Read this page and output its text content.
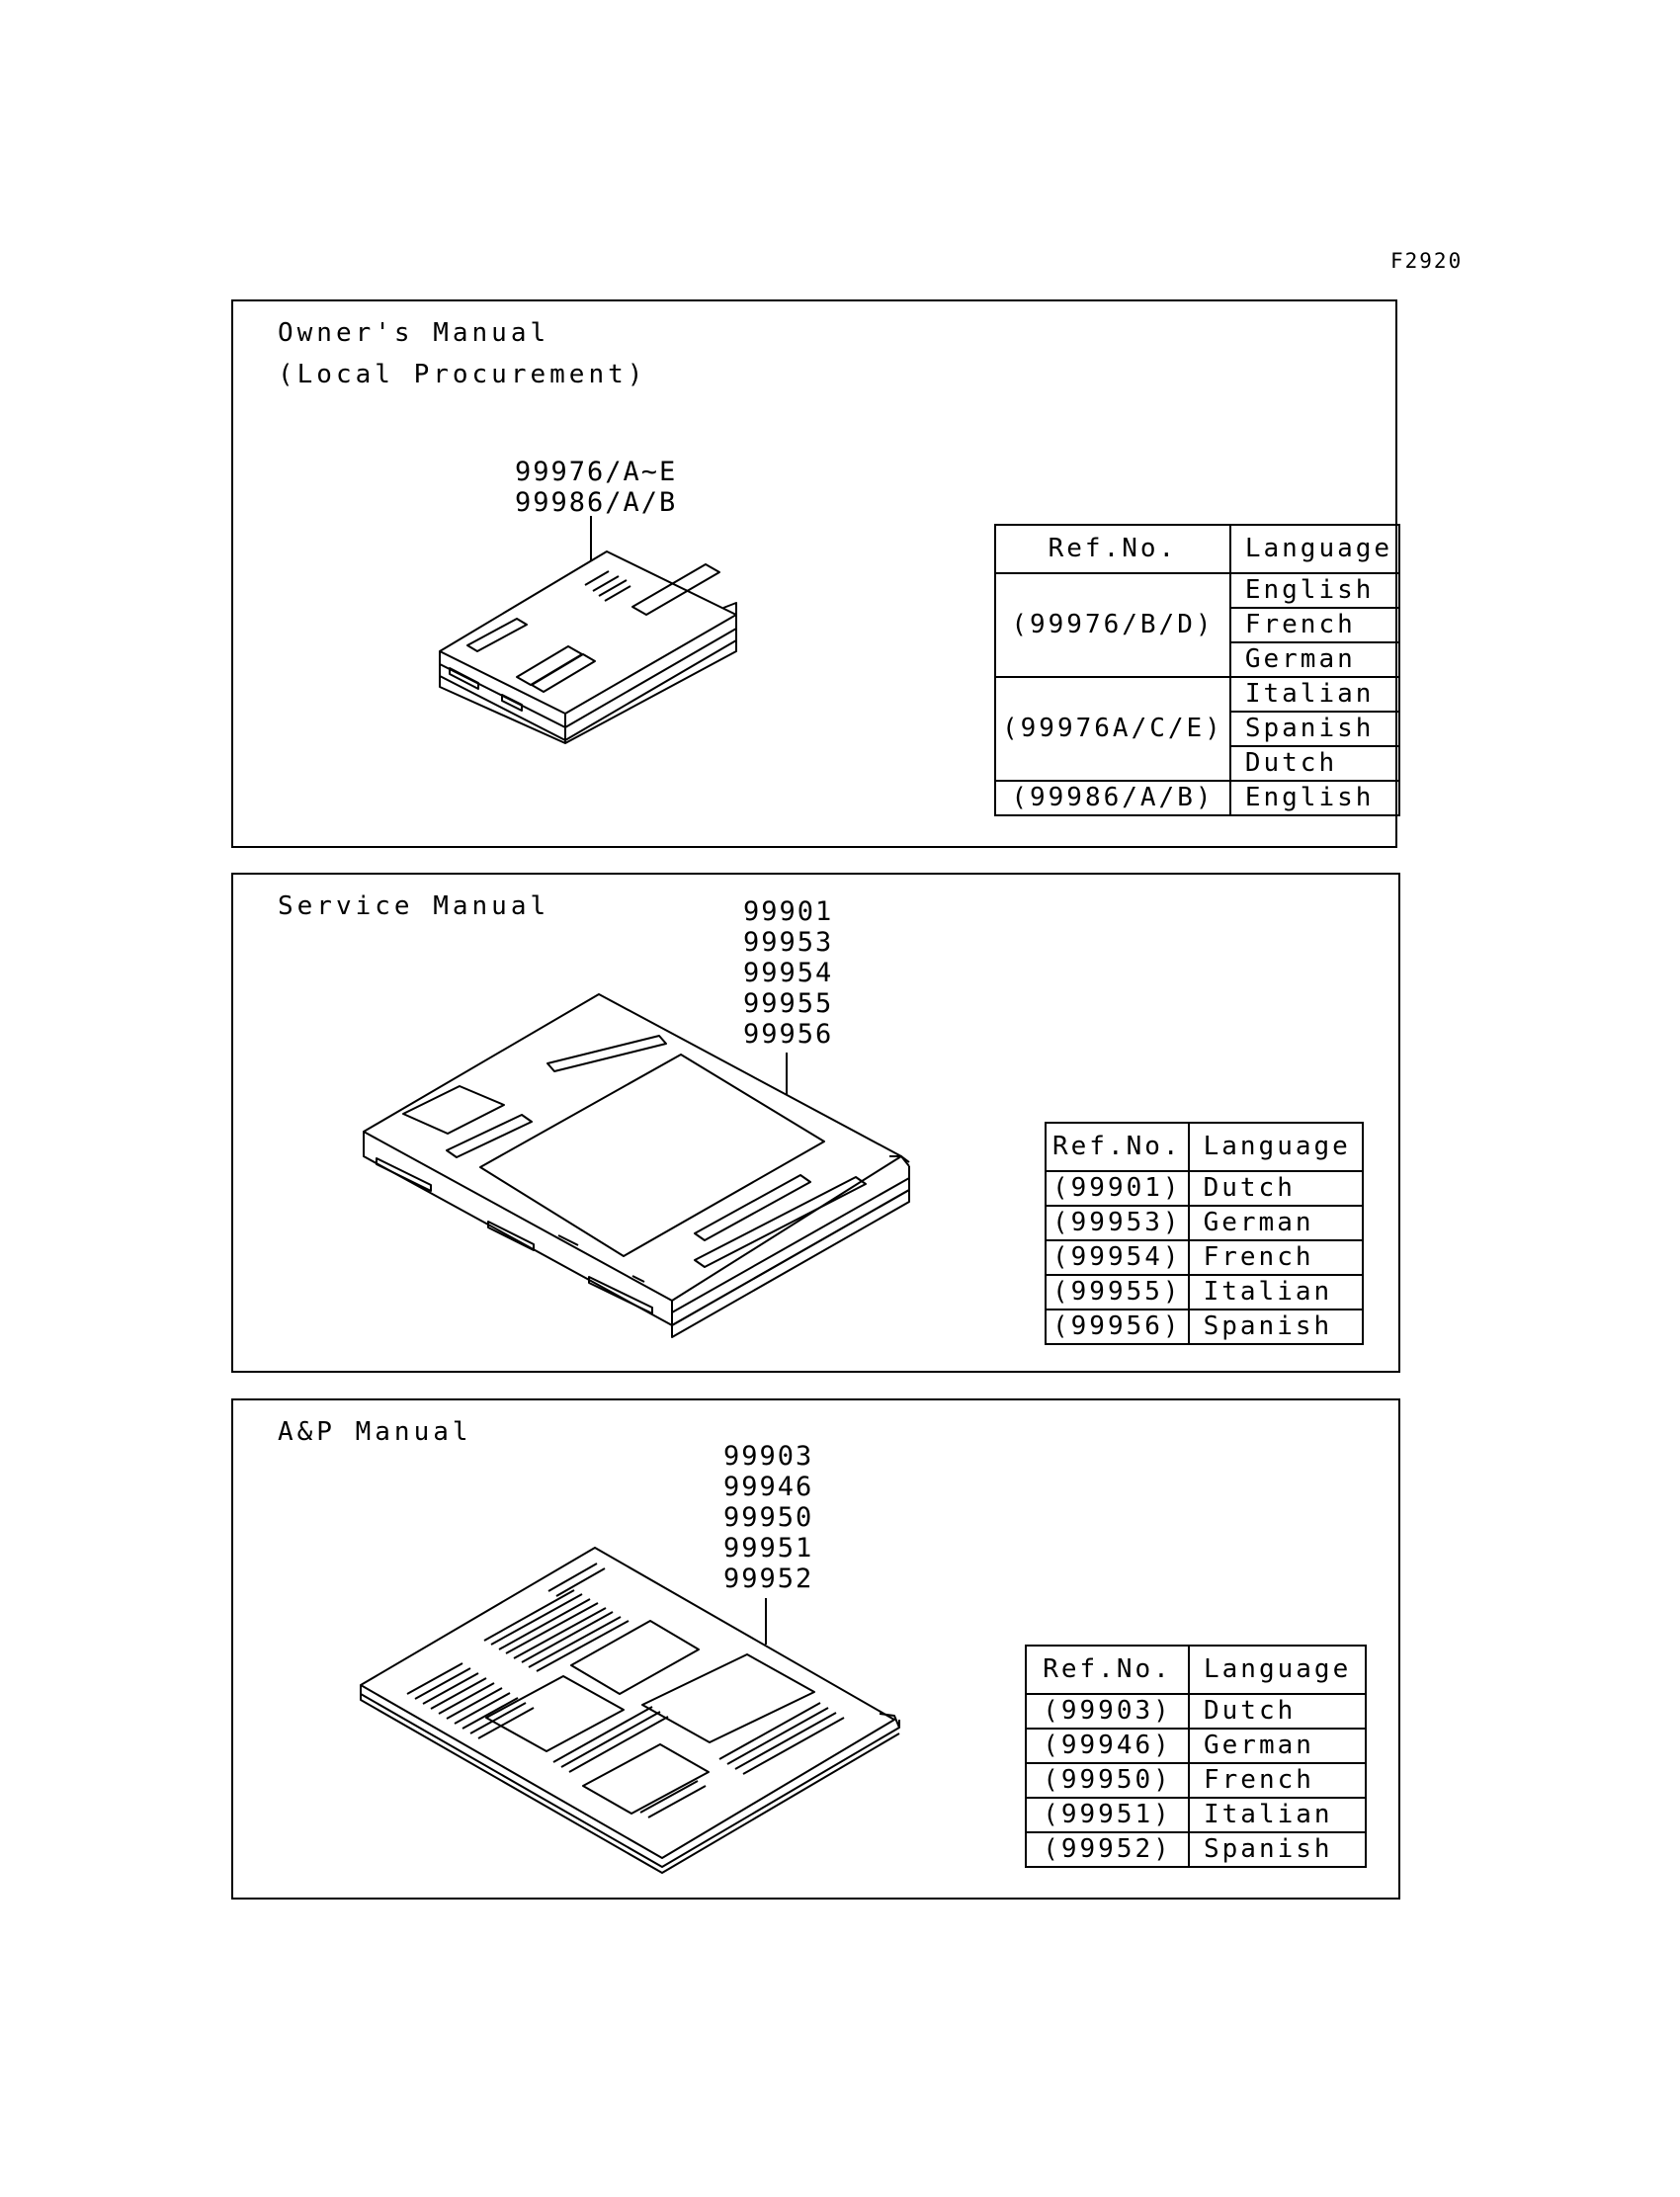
F2920
Owner's Manual
(Local Procurement)
99976/A~E
99986/A/B
Ref.No.	Language
(99976/B/D)	English
	French
	German
(99976A/C/E)	Italian
	Spanish
	Dutch
(99986/A/B)	English
Service Manual	99901
99953
99954
99955
99956
Ref.No.	Language
(99901)	Dutch
(99953)	German
(99954)	French
(99955)	Italian
(99956)	Spanish
A&P Manual
99903
99946
99950
99951
99952
Ref.No.	Language
(99903)	Dutch
(99946)	German
(99950)	French
(99951)	Italian
(99952)	Spanish
